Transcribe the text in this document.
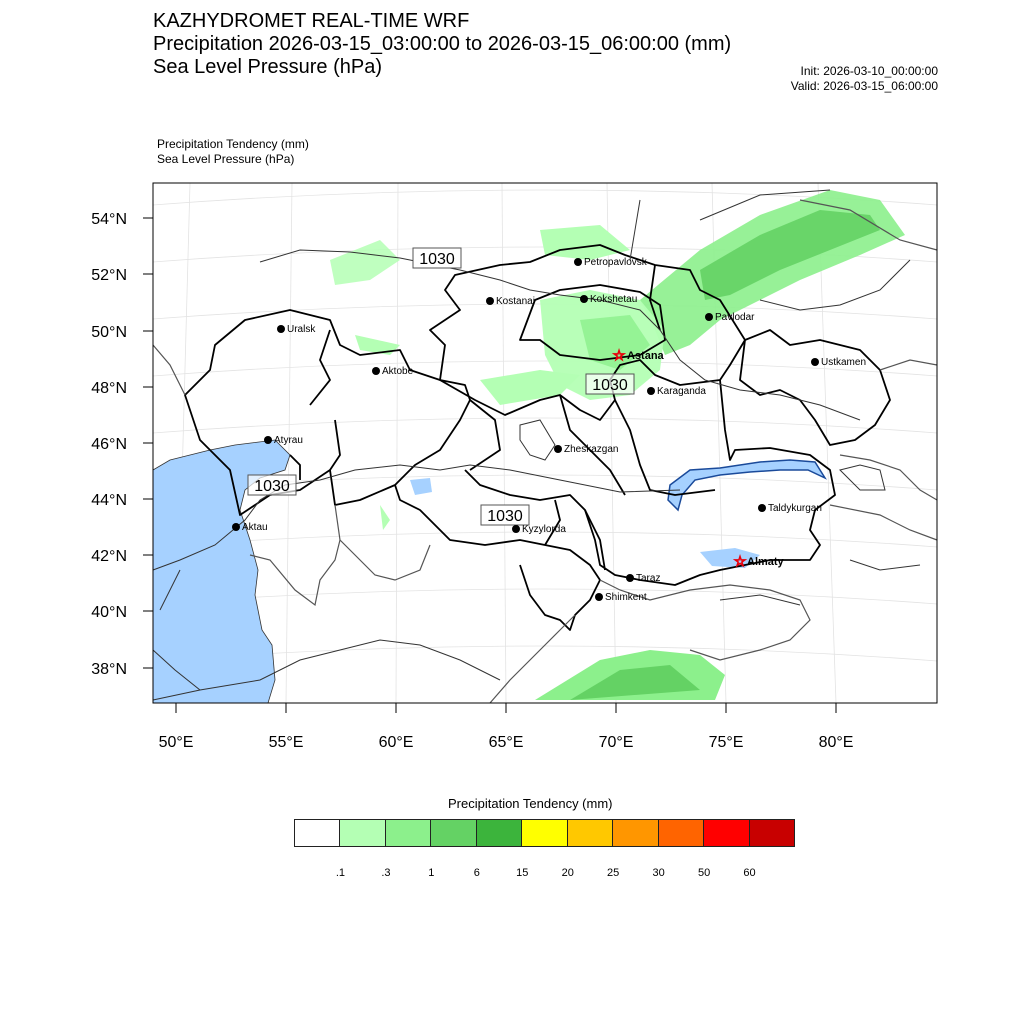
KAZHYDROMET REAL-TIME WRF
Precipitation 2026-03-15_03:00:00 to 2026-03-15_06:00:00 (mm)
Sea Level Pressure (hPa)	Init: 2026-03-10_00:00:00
Valid: 2026-03-15_06:00:00
Precipitation Tendency (mm)
Sea Level Pressure (hPa)
1030
1030
1030
1030
Petropavlovsk
Kostanai	Kokshetau
Uralsk
Pavlodar
Aktobe
Ustkamen
Karaganda
Atyrau
Zheskazgan
Aktau	Kyzylorda
Taldykurgan
Taraz
Shimkent
☆ Astana
☆ Almaty
54°N
52°N
50°N
48°N
46°N
44°N
42°N
40°N
38°N
50°E	55°E	60°E	65°E	70°E	75°E	80°E
Precipitation Tendency (mm)
.1	.3	1	6	15	20	25	30	50	60
